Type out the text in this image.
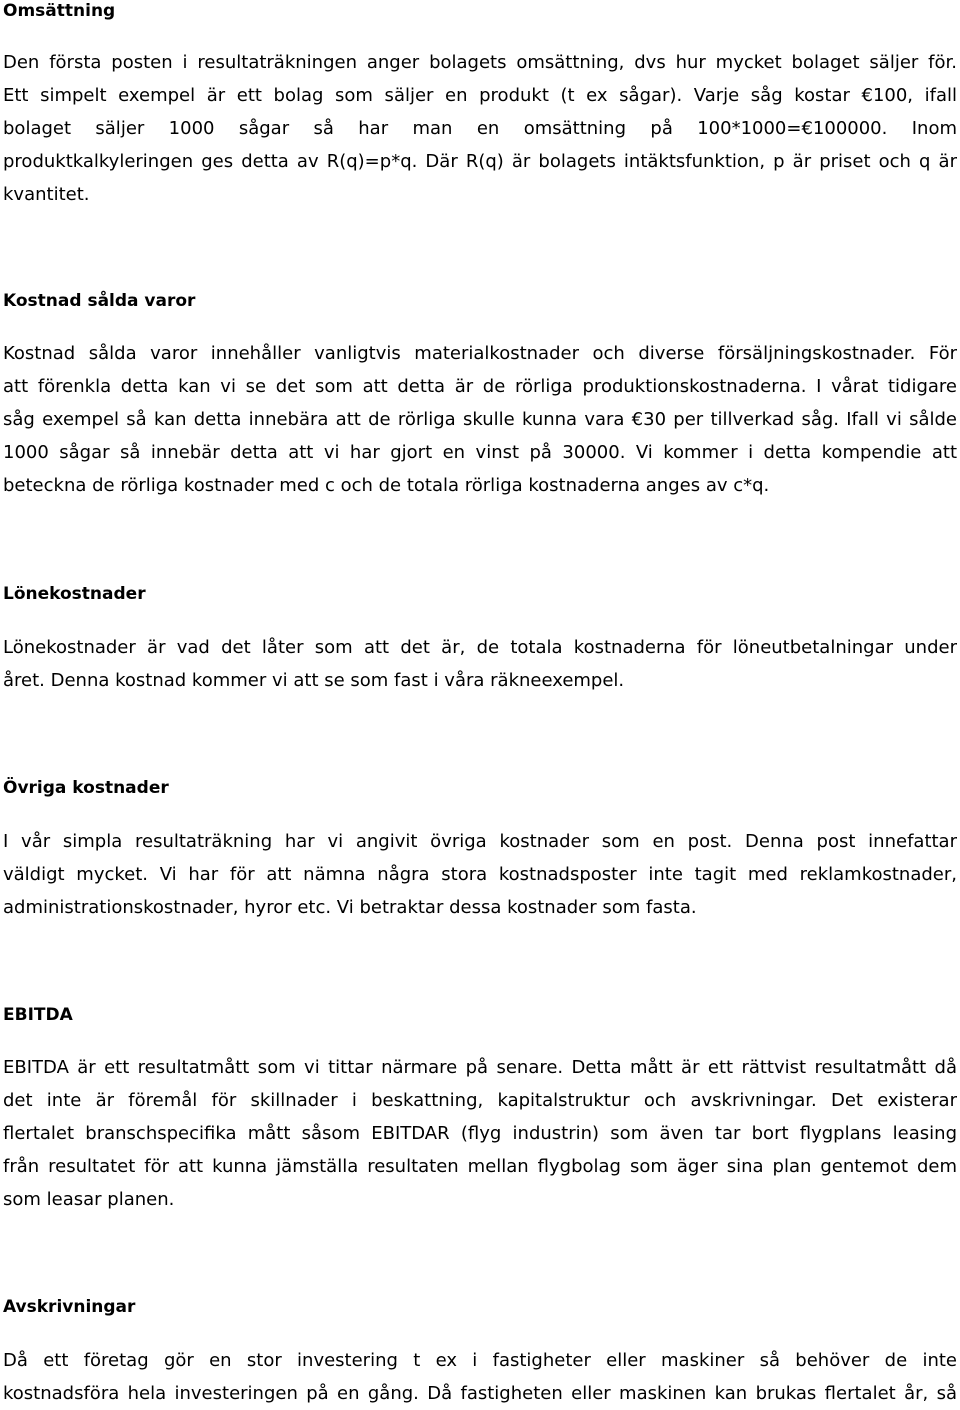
Omsättning
Den första posten i resultaträkningen anger bolagets omsättning, dvs hur mycket bolaget säljer för.
Ett simpelt exempel är ett bolag som säljer en produkt (t ex sågar). Varje såg kostar €100, ifall
bolaget säljer 1000 sågar så har man en omsättning på 100*1000=€100000. Inom
produktkalkyleringen ges detta av R(q)=p*q. Där R(q) är bolagets intäktsfunktion, p är priset och q är
kvantitet.
Kostnad sålda varor
Kostnad sålda varor innehåller vanligtvis materialkostnader och diverse försäljningskostnader. För
att förenkla detta kan vi se det som att detta är de rörliga produktionskostnaderna. I vårat tidigare
såg exempel så kan detta innebära att de rörliga skulle kunna vara €30 per tillverkad såg. Ifall vi sålde
1000 sågar så innebär detta att vi har gjort en vinst på 30000. Vi kommer i detta kompendie att
beteckna de rörliga kostnader med c och de totala rörliga kostnaderna anges av c*q.
Lönekostnader
Lönekostnader är vad det låter som att det är, de totala kostnaderna för löneutbetalningar under
året. Denna kostnad kommer vi att se som fast i våra räkneexempel.
Övriga kostnader
I vår simpla resultaträkning har vi angivit övriga kostnader som en post. Denna post innefattar
väldigt mycket. Vi har för att nämna några stora kostnadsposter inte tagit med reklamkostnader,
administrationskostnader, hyror etc. Vi betraktar dessa kostnader som fasta.
EBITDA
EBITDA är ett resultatmått som vi tittar närmare på senare. Detta mått är ett rättvist resultatmått då
det inte är föremål för skillnader i beskattning, kapitalstruktur och avskrivningar. Det existerar
flertalet branschspecifika mått såsom EBITDAR (flyg industrin) som även tar bort flygplans leasing
från resultatet för att kunna jämställa resultaten mellan flygbolag som äger sina plan gentemot dem
som leasar planen.
Avskrivningar
Då ett företag gör en stor investering t ex i fastigheter eller maskiner så behöver de inte
kostnadsföra hela investeringen på en gång. Då fastigheten eller maskinen kan brukas flertalet år, så
